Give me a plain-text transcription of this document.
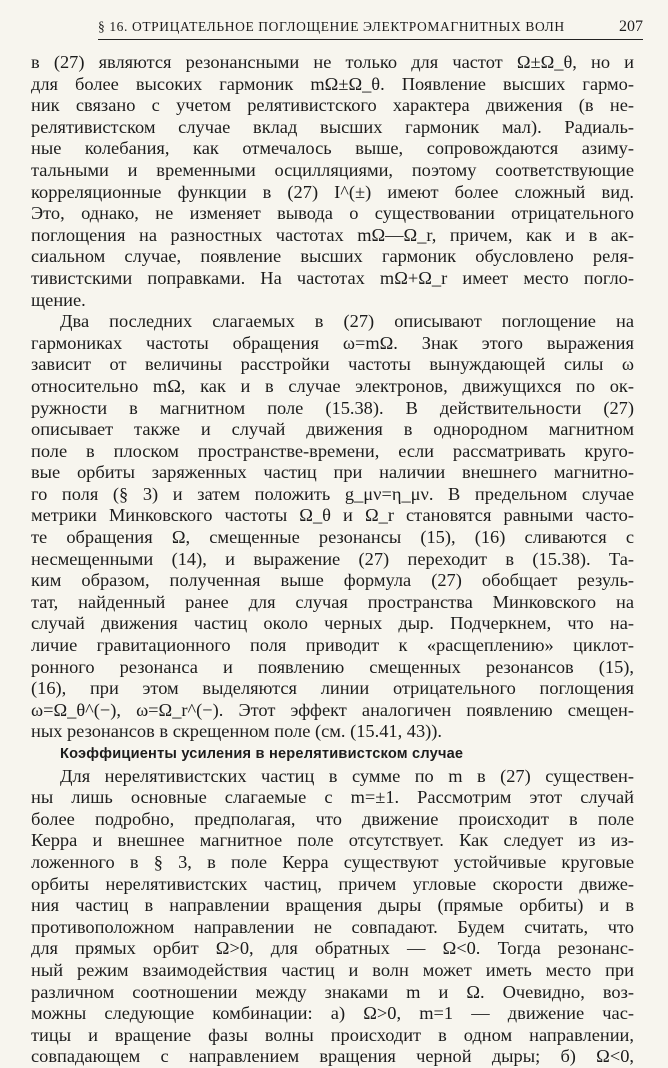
§ 16. ОТРИЦАТЕЛЬНОЕ ПОГЛОЩЕНИЕ ЭЛЕКТРОМАГНИТНЫХ ВОЛН	207
в (27) являются резонансными не только для частот Ω±Ω_θ, но и
для более высоких гармоник mΩ±Ω_θ. Появление высших гармо-
ник связано с учетом релятивистского характера движения (в не-
релятивистском случае вклад высших гармоник мал). Радиаль-
ные колебания, как отмечалось выше, сопровождаются азиму-
тальными и временными осцилляциями, поэтому соответствующие
корреляционные функции в (27) I^(±) имеют более сложный вид.
Это, однако, не изменяет вывода о существовании отрицательного
поглощения на разностных частотах mΩ—Ω_r, причем, как и в ак-
сиальном случае, появление высших гармоник обусловлено реля-
тивистскими поправками. На частотах mΩ+Ω_r имеет место погло-
щение.
Два последних слагаемых в (27) описывают поглощение на
гармониках частоты обращения ω=mΩ. Знак этого выражения
зависит от величины расстройки частоты вынуждающей силы ω
относительно mΩ, как и в случае электронов, движущихся по ок-
ружности в магнитном поле (15.38). В действительности (27)
описывает также и случай движения в однородном магнитном
поле в плоском пространстве-времени, если рассматривать круго-
вые орбиты заряженных частиц при наличии внешнего магнитно-
го поля (§ 3) и затем положить g_μν=η_μν. В предельном случае
метрики Минковского частоты Ω_θ и Ω_r становятся равными часто-
те обращения Ω, смещенные резонансы (15), (16) сливаются с
несмещенными (14), и выражение (27) переходит в (15.38). Та-
ким образом, полученная выше формула (27) обобщает резуль-
тат, найденный ранее для случая пространства Минковского на
случай движения частиц около черных дыр. Подчеркнем, что на-
личие гравитационного поля приводит к «расщеплению» циклот-
ронного резонанса и появлению смещенных резонансов (15),
(16), при этом выделяются линии отрицательного поглощения
ω=Ω_θ^(−), ω=Ω_r^(−). Этот эффект аналогичен появлению смещен-
ных резонансов в скрещенном поле (см. (15.41, 43)).
Коэффициенты усиления в нерелятивистском случае
Для нерелятивистских частиц в сумме по m в (27) существен-
ны лишь основные слагаемые с m=±1. Рассмотрим этот случай
более подробно, предполагая, что движение происходит в поле
Керра и внешнее магнитное поле отсутствует. Как следует из из-
ложенного в § 3, в поле Керра существуют устойчивые круговые
орбиты нерелятивистских частиц, причем угловые скорости движе-
ния частиц в направлении вращения дыры (прямые орбиты) и в
противоположном направлении не совпадают. Будем считать, что
для прямых орбит Ω>0, для обратных — Ω<0. Тогда резонанс-
ный режим взаимодействия частиц и волн может иметь место при
различном соотношении между знаками m и Ω. Очевидно, воз-
можны следующие комбинации: а) Ω>0, m=1 — движение час-
тицы и вращение фазы волны происходит в одном направлении,
совпадающем с направлением вращения черной дыры; б) Ω<0,
